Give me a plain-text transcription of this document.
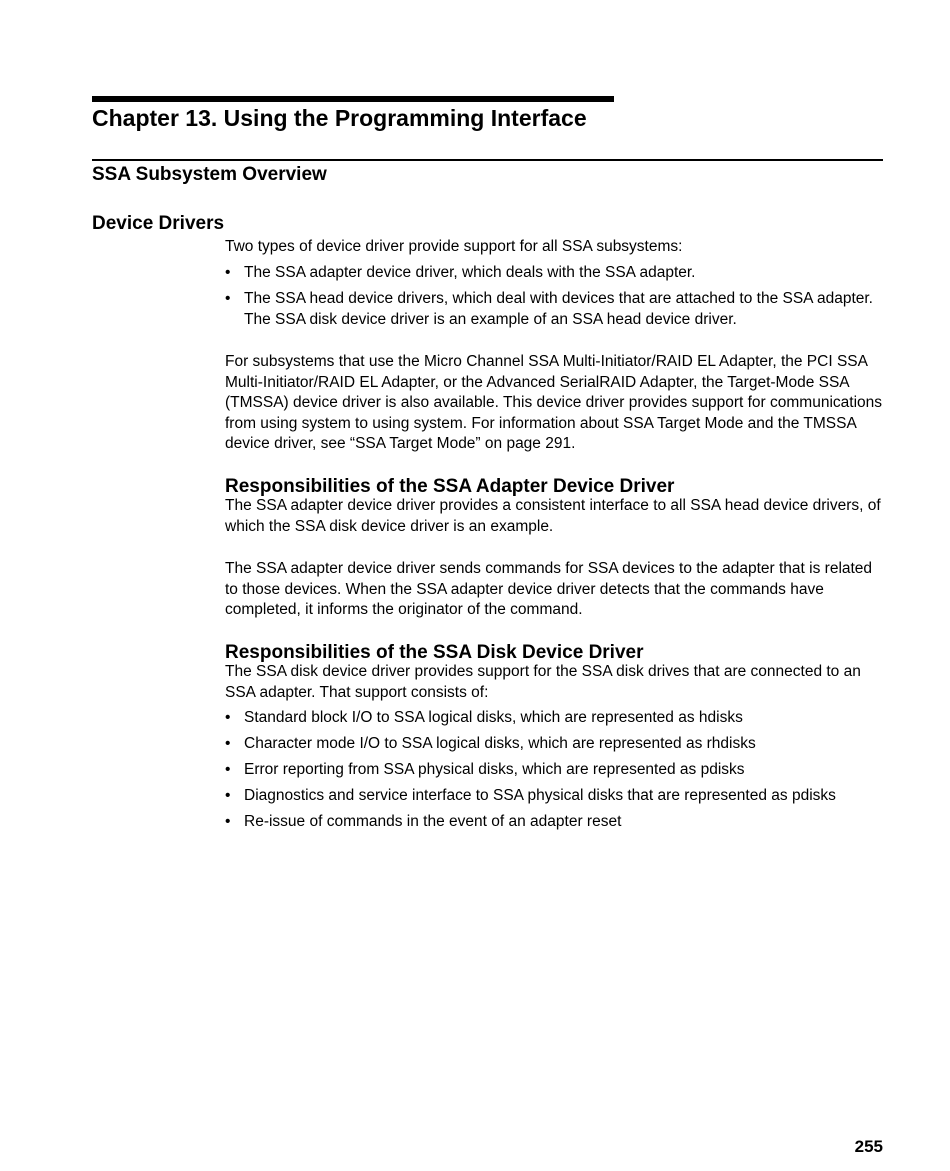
Chapter 13. Using the Programming Interface
SSA Subsystem Overview
Device Drivers

Two types of device driver provide support for all SSA subsystems:

• The SSA adapter device driver, which deals with the SSA adapter.
• The SSA head device drivers, which deal with devices that are attached to the SSA adapter. The SSA disk device driver is an example of an SSA head device driver.

For subsystems that use the Micro Channel SSA Multi-Initiator/RAID EL Adapter, the PCI SSA Multi-Initiator/RAID EL Adapter, or the Advanced SerialRAID Adapter, the Target-Mode SSA (TMSSA) device driver is also available. This device driver provides support for communications from using system to using system. For information about SSA Target Mode and the TMSSA device driver, see “SSA Target Mode” on page 291.

Responsibilities of the SSA Adapter Device Driver

The SSA adapter device driver provides a consistent interface to all SSA head device drivers, of which the SSA disk device driver is an example.

The SSA adapter device driver sends commands for SSA devices to the adapter that is related to those devices. When the SSA adapter device driver detects that the commands have completed, it informs the originator of the command.

Responsibilities of the SSA Disk Device Driver

The SSA disk device driver provides support for the SSA disk drives that are connected to an SSA adapter. That support consists of:

• Standard block I/O to SSA logical disks, which are represented as hdisks
• Character mode I/O to SSA logical disks, which are represented as rhdisks
• Error reporting from SSA physical disks, which are represented as pdisks
• Diagnostics and service interface to SSA physical disks that are represented as pdisks
• Re-issue of commands in the event of an adapter reset
255
